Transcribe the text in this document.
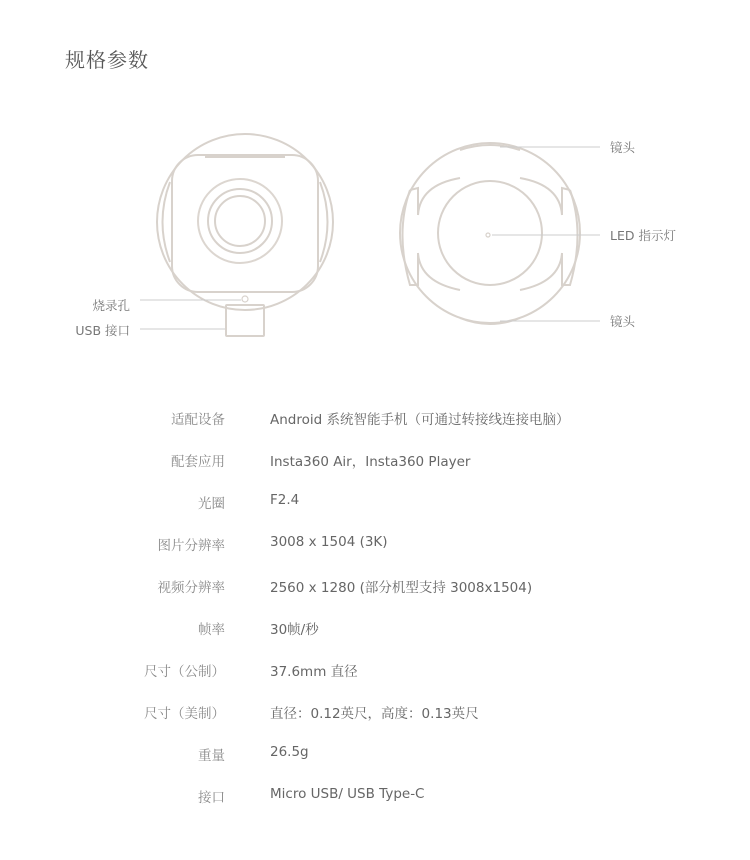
规格参数
烧录孔
USB 接口
镜头
LED 指示灯
镜头
适配设备	Android 系统智能手机（可通过转接线连接电脑）
配套应用	Insta360 Air，Insta360 Player
光圈	F2.4
图片分辨率	3008 x 1504 (3K)
视频分辨率	2560 x 1280 (部分机型支持 3008x1504)
帧率	30帧/秒
尺寸（公制）	37.6mm 直径
尺寸（美制）	直径：0.12英尺，高度：0.13英尺
重量	26.5g
接口	Micro USB/ USB Type-C
